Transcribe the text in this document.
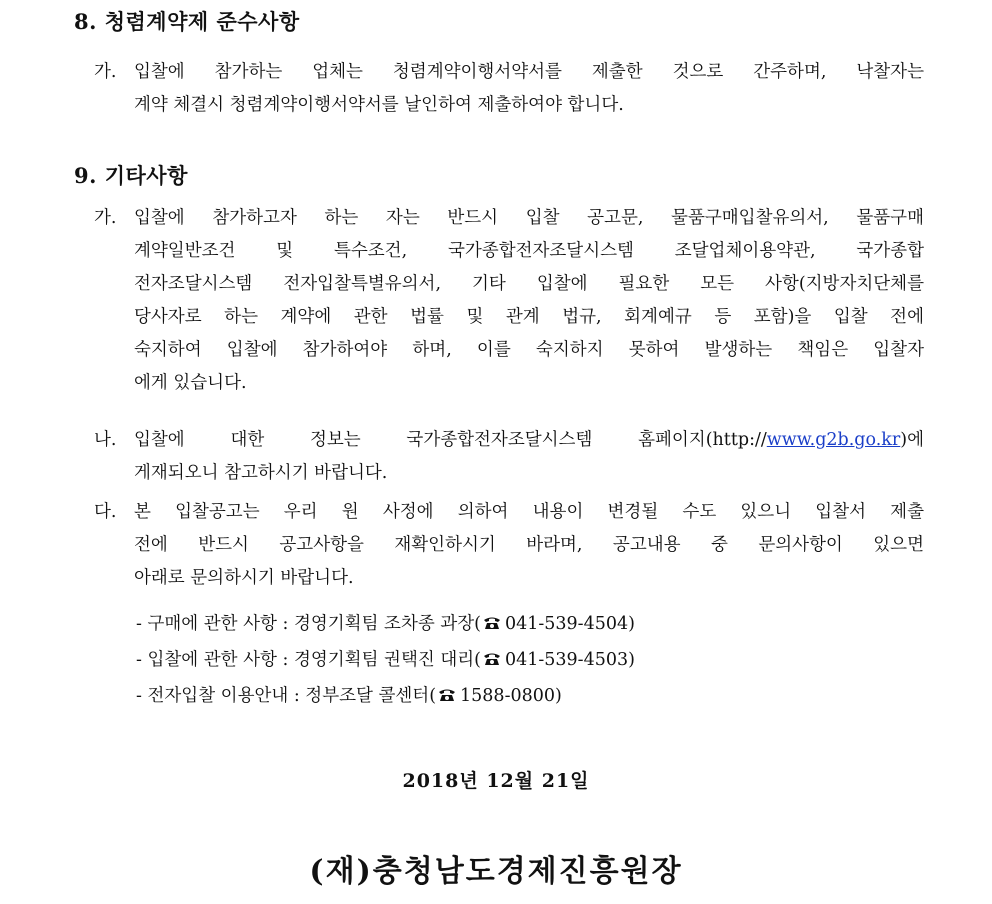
8. 청렴계약제 준수사항
가. 입찰에 참가하는 업체는 청렴계약이행서약서를 제출한 것으로 간주하며, 낙찰자는
계약 체결시 청렴계약이행서약서를 날인하여 제출하여야 합니다.
9. 기타사항
가. 입찰에 참가하고자 하는 자는 반드시 입찰 공고문, 물품구매입찰유의서, 물품구매
계약일반조건 및 특수조건, 국가종합전자조달시스템 조달업체이용약관, 국가종합
전자조달시스템 전자입찰특별유의서, 기타 입찰에 필요한 모든 사항(지방자치단체를
당사자로 하는 계약에 관한 법률 및 관계 법규, 회계예규 등 포함)을 입찰 전에
숙지하여 입찰에 참가하여야 하며, 이를 숙지하지 못하여 발생하는 책임은 입찰자
에게 있습니다.
나. 입찰에 대한 정보는 국가종합전자조달시스템 홈페이지(http://www.g2b.go.kr)에
게재되오니 참고하시기 바랍니다.
다. 본 입찰공고는 우리 원 사정에 의하여 내용이 변경될 수도 있으니 입찰서 제출
전에 반드시 공고사항을 재확인하시기 바라며, 공고내용 중 문의사항이 있으면
아래로 문의하시기 바랍니다.
- 구매에 관한 사항 : 경영기획팀 조차종 과장( 041-539-4504)
- 입찰에 관한 사항 : 경영기획팀 권택진 대리( 041-539-4503)
- 전자입찰 이용안내 : 정부조달 콜센터( 1588-0800)
2018년 12월 21일
(재)충청남도경제진흥원장
